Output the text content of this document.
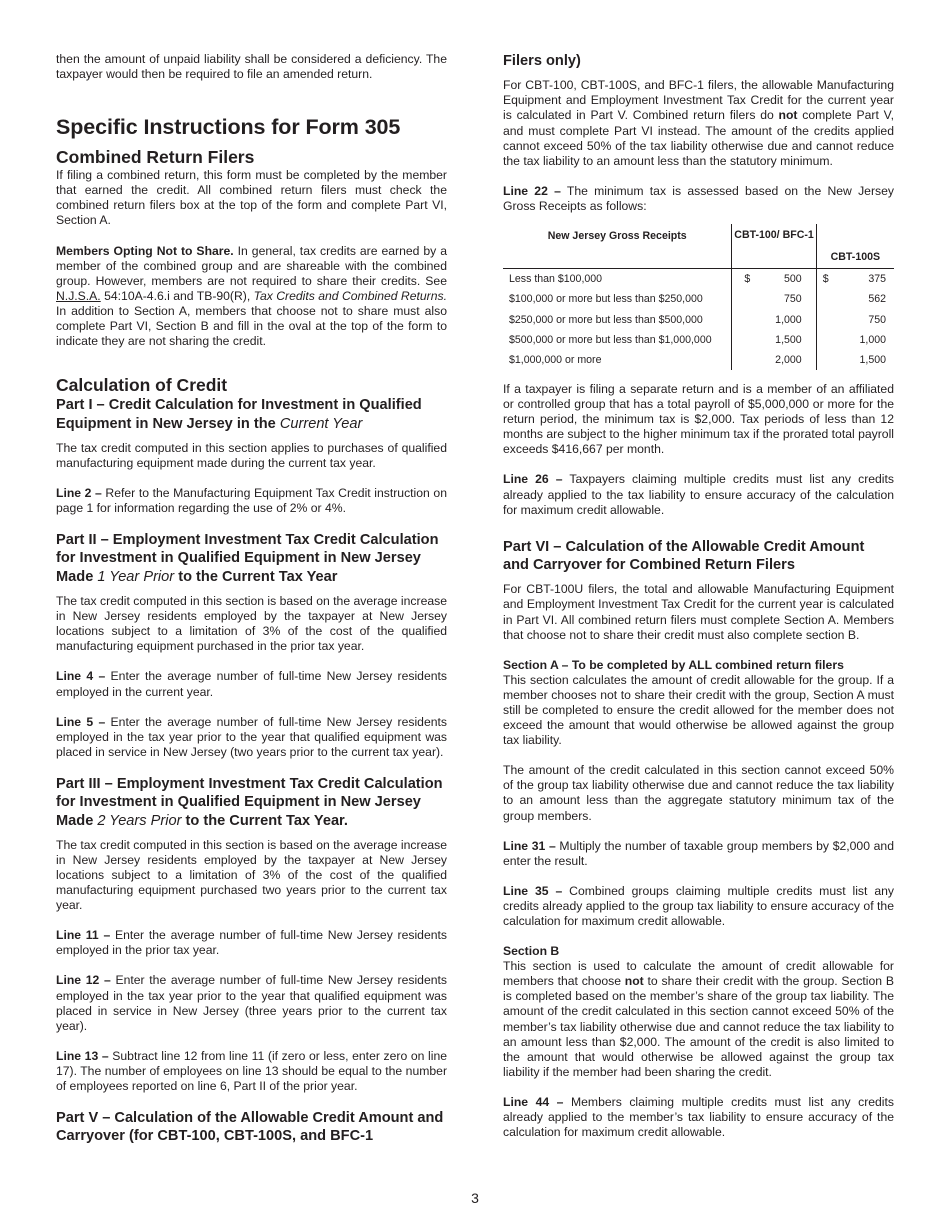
then the amount of unpaid liability shall be considered a deficiency. The taxpayer would then be required to file an amended return.

Specific Instructions for Form 305
Combined Return Filers

If filing a combined return, this form must be completed by the member that earned the credit. All combined return filers must check the combined return filers box at the top of the form and complete Part VI, Section A.

Members Opting Not to Share. In general, tax credits are earned by a member of the combined group and are shareable with the combined group. However, members are not required to share their credits. See N.J.S.A. 54:10A-4.6.i and TB-90(R), Tax Credits and Combined Returns. In addition to Section A, members that choose not to share must also complete Part VI, Section B and fill in the oval at the top of the form to indicate they are not sharing the credit.

Calculation of Credit
Part I – Credit Calculation for Investment in Qualified Equipment in New Jersey in the Current Year

The tax credit computed in this section applies to purchases of qualified manufacturing equipment made during the current tax year.

Line 2 – Refer to the Manufacturing Equipment Tax Credit instruction on page 1 for information regarding the use of 2% or 4%.

Part II – Employment Investment Tax Credit Calculation for Investment in Qualified Equipment in New Jersey Made 1 Year Prior to the Current Tax Year

The tax credit computed in this section is based on the average increase in New Jersey residents employed by the taxpayer at New Jersey locations subject to a limitation of 3% of the cost of the qualified manufacturing equipment purchased in the prior tax year.

Line 4 – Enter the average number of full-time New Jersey residents employed in the current year.

Line 5 – Enter the average number of full-time New Jersey residents employed in the tax year prior to the year that qualified equipment was placed in service in New Jersey (two years prior to the current tax year).

Part III – Employment Investment Tax Credit Calculation for Investment in Qualified Equipment in New Jersey Made 2 Years Prior to the Current Tax Year.

The tax credit computed in this section is based on the average increase in New Jersey residents employed by the taxpayer at New Jersey locations subject to a limitation of 3% of the cost of the qualified manufacturing equipment purchased two years prior to the current tax year.

Line 11 – Enter the average number of full-time New Jersey residents employed in the prior tax year.

Line 12 – Enter the average number of full-time New Jersey residents employed in the tax year prior to the year that qualified equipment was placed in service in New Jersey (three years prior to the current tax year).

Line 13 – Subtract line 12 from line 11 (if zero or less, enter zero on line 17). The number of employees on line 13 should be equal to the number of employees reported on line 6, Part II of the prior year.

Part V – Calculation of the Allowable Credit Amount and Carryover (for CBT-100, CBT-100S, and BFC-1
Filers only)

For CBT-100, CBT-100S, and BFC-1 filers, the allowable Manufacturing Equipment and Employment Investment Tax Credit for the current year is calculated in Part V. Combined return filers do not complete Part V, and must complete Part VI instead. The amount of the credits applied cannot exceed 50% of the tax liability otherwise due and cannot reduce the tax liability to an amount less than the statutory minimum.

Line 22 – The minimum tax is assessed based on the New Jersey Gross Receipts as follows:

New Jersey Gross Receipts	CBT-100/ BFC-1	CBT-100S
Less than $100,000	$ 500	$ 375
$100,000 or more but less than $250,000	750	562
$250,000 or more but less than $500,000	1,000	750
$500,000 or more but less than $1,000,000	1,500	1,000
$1,000,000 or more	2,000	1,500

If a taxpayer is filing a separate return and is a member of an affiliated or controlled group that has a total payroll of $5,000,000 or more for the return period, the minimum tax is $2,000. Tax periods of less than 12 months are subject to the higher minimum tax if the prorated total payroll exceeds $416,667 per month.

Line 26 – Taxpayers claiming multiple credits must list any credits already applied to the tax liability to ensure accuracy of the calculation for maximum credit allowable.

Part VI – Calculation of the Allowable Credit Amount and Carryover for Combined Return Filers

For CBT-100U filers, the total and allowable Manufacturing Equipment and Employment Investment Tax Credit for the current year is calculated in Part VI. All combined return filers must complete Section A. Members that choose not to share their credit must also complete section B.

Section A – To be completed by ALL combined return filers

This section calculates the amount of credit allowable for the group. If a member chooses not to share their credit with the group, Section A must still be completed to ensure the credit allowed for the member does not exceed the amount that would otherwise be allowed against the group tax liability.

The amount of the credit calculated in this section cannot exceed 50% of the group tax liability otherwise due and cannot reduce the tax liability to an amount less than the aggregate statutory minimum tax of the group members.

Line 31 – Multiply the number of taxable group members by $2,000 and enter the result.

Line 35 – Combined groups claiming multiple credits must list any credits already applied to the group tax liability to ensure accuracy of the calculation for maximum credit allowable.

Section B

This section is used to calculate the amount of credit allowable for members that choose not to share their credit with the group. Section B is completed based on the member’s share of the group tax liability. The amount of the credit calculated in this section cannot exceed 50% of the member’s tax liability otherwise due and cannot reduce the tax liability to an amount less than $2,000. The amount of the credit is also limited to the amount that would otherwise be allowed against the group tax liability if the member had been sharing the credit.

Line 44 – Members claiming multiple credits must list any credits already applied to the member’s tax liability to ensure accuracy of the calculation for maximum credit allowable.

3
